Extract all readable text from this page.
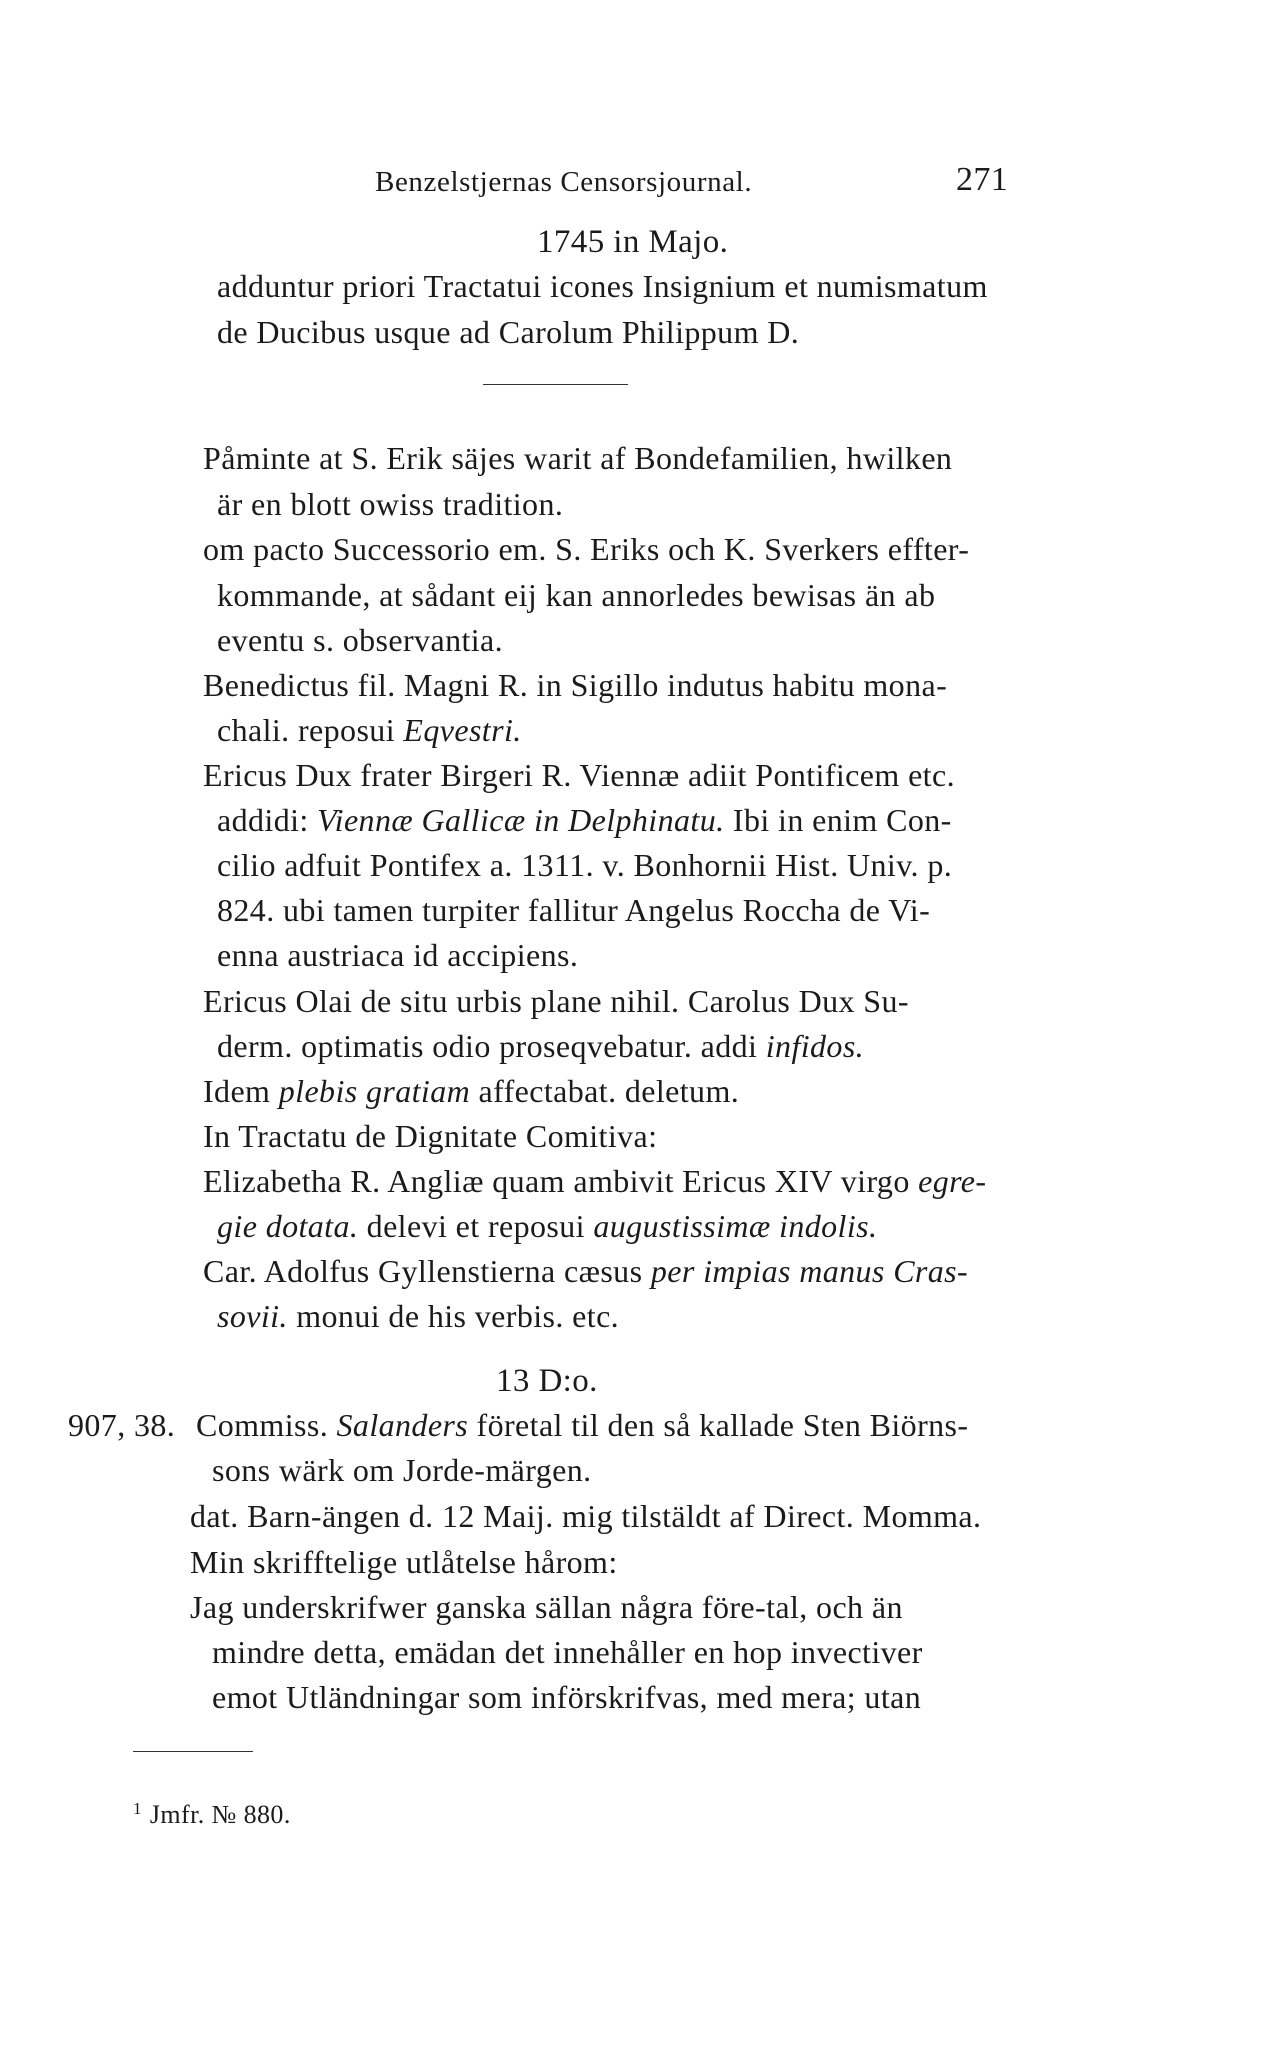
Benzelstjernas Censorsjournal.	271
1745 in Majo.
adduntur priori Tractatui icones Insignium et numismatum
de Ducibus usque ad Carolum Philippum D.
Påminte at S. Erik säjes warit af Bondefamilien, hwilken
är en blott owiss tradition.
om pacto Successorio em. S. Eriks och K. Sverkers effter-
kommande, at sådant eij kan annorledes bewisas än ab
eventu s. observantia.
Benedictus fil. Magni R. in Sigillo indutus habitu mona-
chali. reposui Eqvestri.
Ericus Dux frater Birgeri R. Viennæ adiit Pontificem etc.
addidi: Viennæ Gallicæ in Delphinatu. Ibi in enim Con-
cilio adfuit Pontifex a. 1311. v. Bonhornii Hist. Univ. p.
824. ubi tamen turpiter fallitur Angelus Roccha de Vi-
enna austriaca id accipiens.
Ericus Olai de situ urbis plane nihil. Carolus Dux Su-
derm. optimatis odio proseqvebatur. addi infidos.
Idem plebis gratiam affectabat. deletum.
In Tractatu de Dignitate Comitiva:
Elizabetha R. Angliæ quam ambivit Ericus XIV virgo egre-
gie dotata. delevi et reposui augustissimæ indolis.
Car. Adolfus Gyllenstierna cæsus per impias manus Cras-
sovii. monui de his verbis. etc.
13 D:o.
907, 38. Commiss. Salanders företal til den så kallade Sten Biörns-
sons wärk om Jorde-märgen.
dat. Barn-ängen d. 12 Maij. mig tilstäldt af Direct. Momma.
Min skrifftelige utlåtelse hårom:
Jag underskrifwer ganska sällan några före-tal, och än
mindre detta, emädan det innehåller en hop invectiver
emot Utländningar som införskrifvas, med mera; utan
$^1$ Jmfr. № 880.
